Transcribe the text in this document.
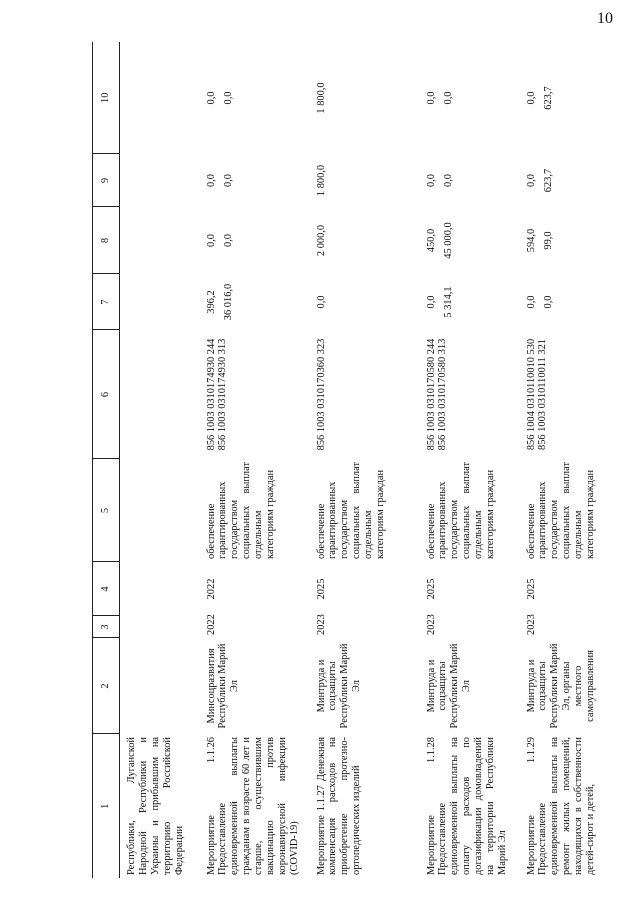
10
1	2	3	4	5	6	7	8	9	10
Республики, Луганской Народной Республики и Украины и прибывшим на территорию Российской Федерации									
Мероприятие 1.1.26 Предоставление единовременной выплаты гражданам в возрасте 60 лет и старше, осуществившим вакцинацию против коронавирусной инфекции (COVID-19)	Минсоцразвития Республики Марий Эл	2022	2022	обеспечение гарантированных государством социальных выплат отдельным категориям граждан	856 1003 0310174930 244 856 1003 0310174930 313	396,2 36 016,0	0,0 0,0	0,0 0,0	0,0 0,0

Мероприятие 1.1.27 Денежная компенсация расходов на приобретение протезно-ортопедических изделий	Минтруда и соцзащиты Республики Марий Эл	2023	2025	обеспечение гарантированных государством социальных выплат отдельным категориям граждан	856 1003 0310170360 323	0,0	2 000,0	1 800,0	1 800,0

Мероприятие 1.1.28 Предоставление единовременной выплаты на оплату расходов по догазификации домовладений на территории Республики Марий Эл	Минтруда и соцзащиты Республики Марий Эл	2023	2025	обеспечение гарантированных государством социальных выплат отдельным категориям граждан	856 1003 0310170580 244 856 1003 0310170580 313	0,0 5 314,1	450,0 45 000,0	0,0 0,0	0,0 0,0

Мероприятие 1.1.29 Предоставление единовременной выплаты на ремонт жилых помещений, находящихся в собственности детей-сирот и детей,	Минтруда и соцзащиты Республики Марий Эл, органы местного самоуправления	2023	2025	обеспечение гарантированных государством социальных выплат отдельным категориям граждан	856 1004 0310110010 530 856 1003 0310110011 321	0,0 0,0	594,0 99,0	0,0 623,7	0,0 623,7
